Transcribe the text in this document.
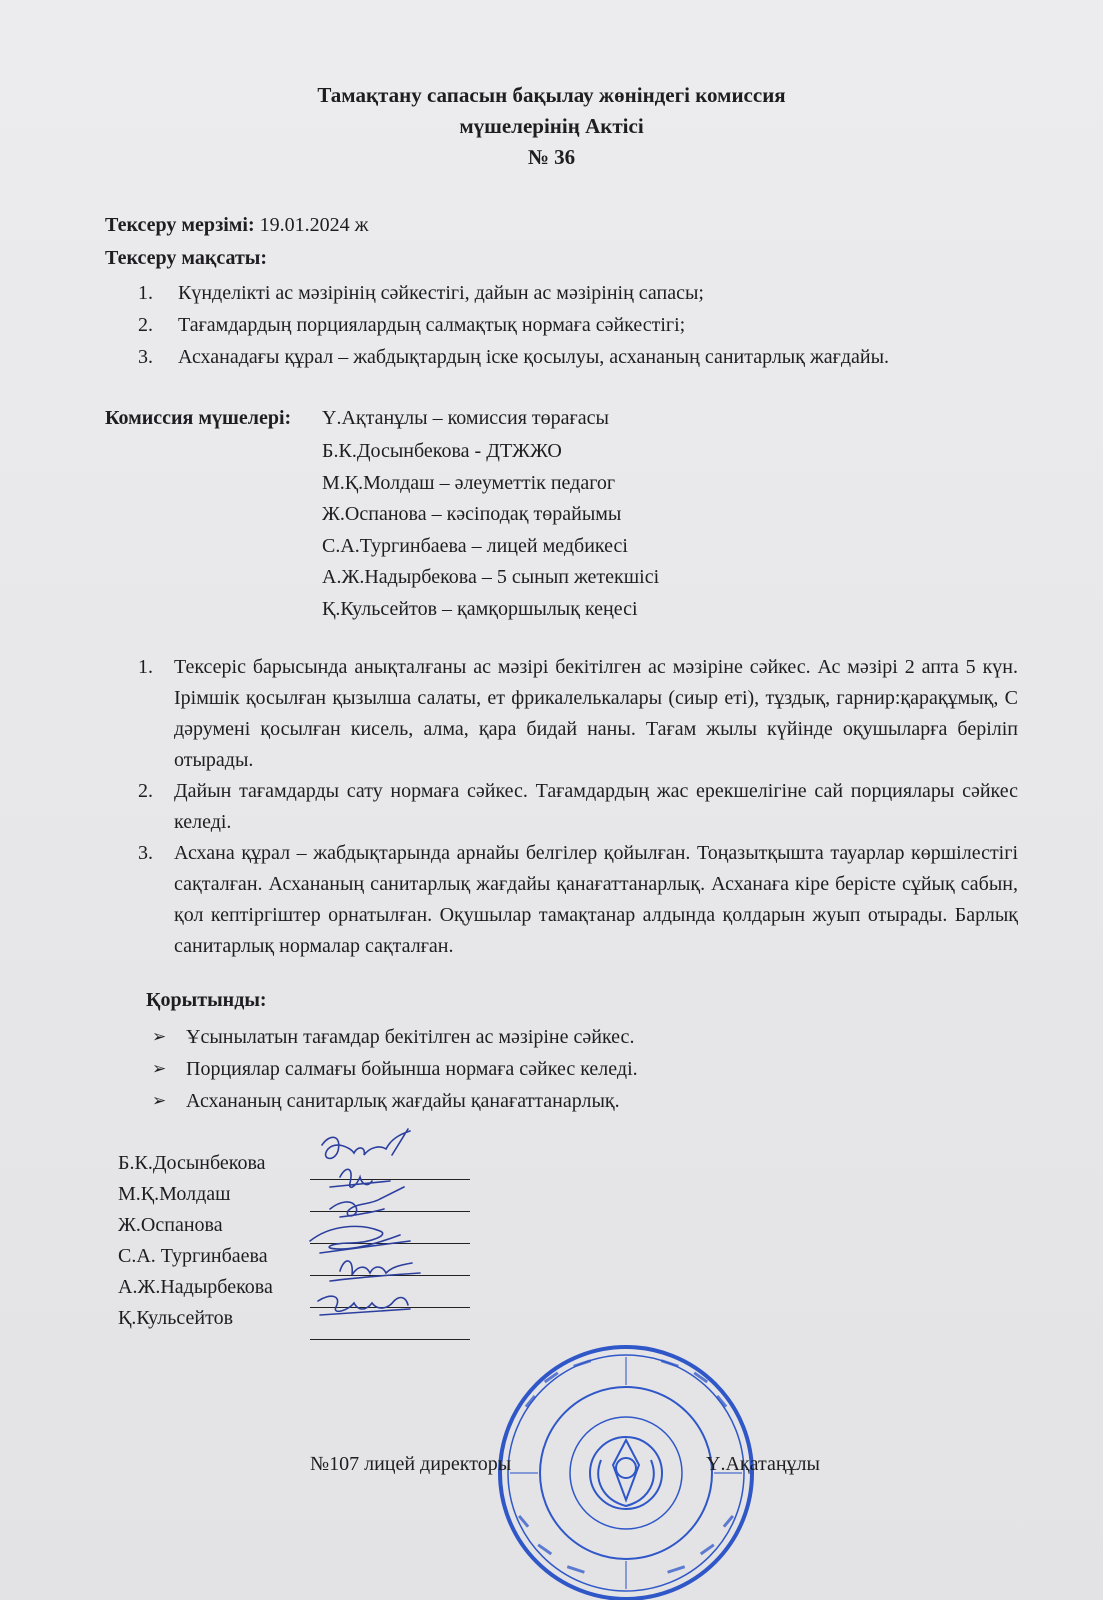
Тамақтану сапасын бақылау жөніндегі комиссия
мүшелерінің Актісі
№ 36
Тексеру мерзімі: 19.01.2024 ж
Тексеру мақсаты:
1.	Күнделікті ас мәзірінің сәйкестігі, дайын ас мәзірінің сапасы;
2.	Тағамдардың порциялардың салмақтық нормаға сәйкестігі;
3.	Асханадағы құрал – жабдықтардың іске қосылуы, асхананың санитарлық жағдайы.
Комиссия мүшелері: Ү.Ақтанұлы – комиссия төрағасы
Б.К.Досынбекова - ДТЖЖО
М.Қ.Молдаш – әлеуметтік педагог
Ж.Оспанова – кәсіподақ төрайымы
С.А.Тургинбаева – лицей медбикесі
А.Ж.Надырбекова – 5 сынып жетекшісі
Қ.Кульсейтов – қамқоршылық кеңесі
1.	Тексеріс барысында анықталғаны ас мәзірі бекітілген ас мәзіріне сәйкес. Ас мәзірі 2 апта 5 күн. Ірімшік қосылған қызылша салаты, ет фрикалелькалары (сиыр еті), тұздық, гарнир:қарақұмық, С дәрумені қосылған кисель, алма, қара бидай наны. Тағам жылы күйінде оқушыларға беріліп отырады.
2.	Дайын тағамдарды сату нормаға сәйкес. Тағамдардың жас ерекшелігіне сай порциялары сәйкес келеді.
3.	Асхана құрал – жабдықтарында арнайы белгілер қойылған. Тоңазытқышта тауарлар көршілестігі сақталған. Асхананың санитарлық жағдайы қанағаттанарлық. Асханаға кіре берісте сұйық сабын, қол кептіргіштер орнатылған. Оқушылар тамақтанар алдында қолдарын жуып отырады. Барлық санитарлық нормалар сақталған.
Қорытынды:
➢ Ұсынылатын тағамдар бекітілген ас мәзіріне сәйкес.
➢ Порциялар салмағы бойынша нормаға сәйкес келеді.
➢ Асхананың санитарлық жағдайы қанағаттанарлық.
Б.К.Досынбекова
М.Қ.Молдаш
Ж.Оспанова
С.А. Тургинбаева
А.Ж.Надырбекова
Қ.Кульсейтов
№107 лицей директоры	Ү.Ақатаңұлы
